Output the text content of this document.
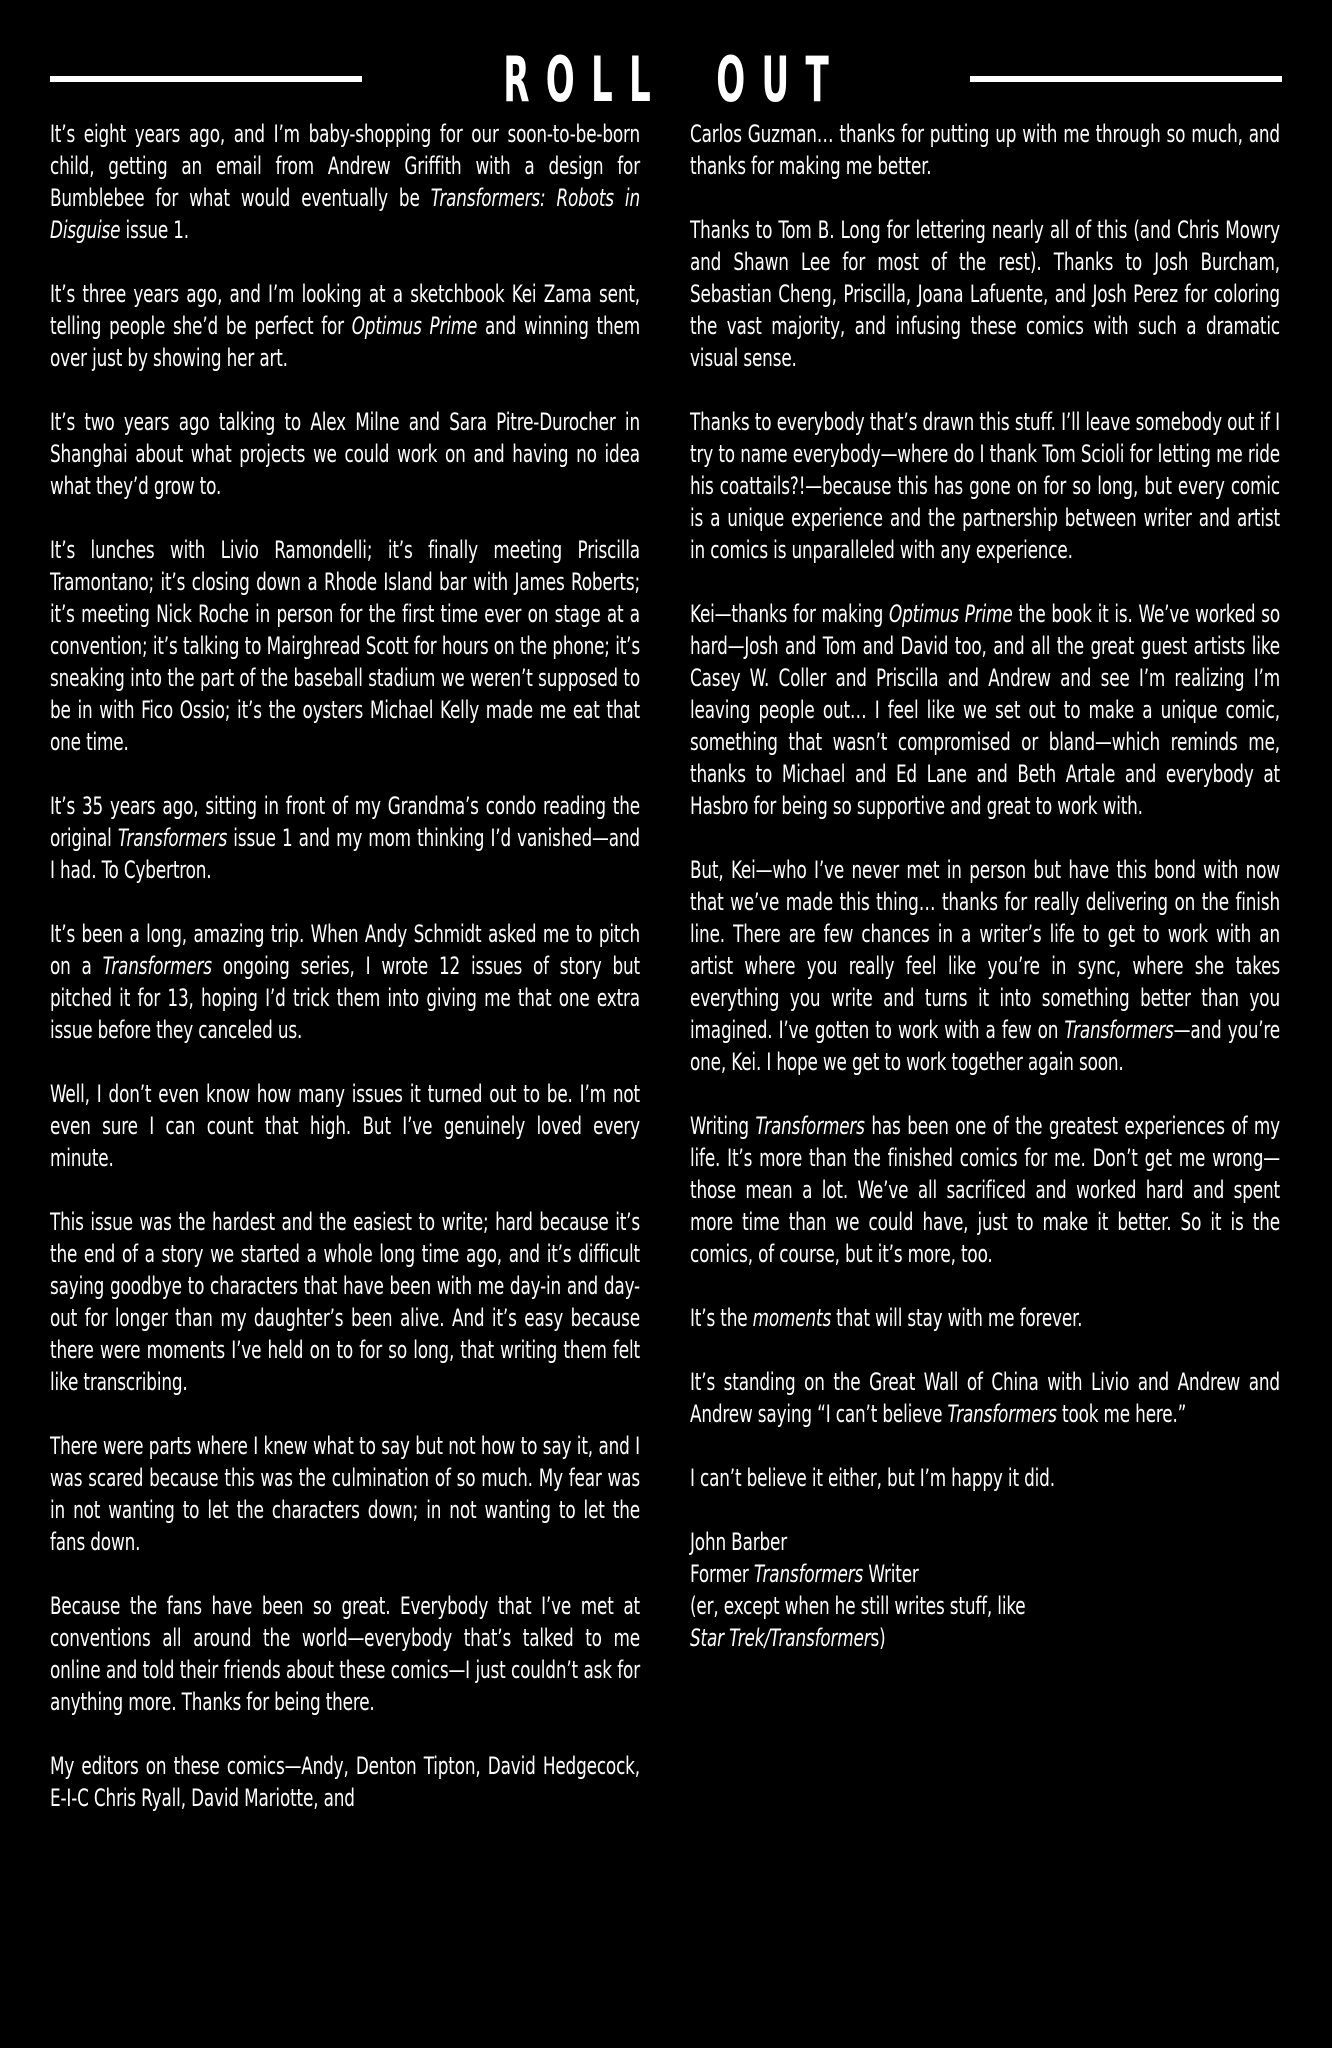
R O L L O U T

It’s eight years ago, and I’m baby-shopping for our soon-to-be-born child, getting an email from Andrew Griffith with a design for Bumblebee for what would eventually be Transformers: Robots in Disguise issue 1.

It’s three years ago, and I’m looking at a sketchbook Kei Zama sent, telling people she’d be perfect for Optimus Prime and winning them over just by showing her art.

It’s two years ago talking to Alex Milne and Sara Pitre-Durocher in Shanghai about what projects we could work on and having no idea what they’d grow to.

It’s lunches with Livio Ramondelli; it’s finally meeting Priscilla Tramontano; it’s closing down a Rhode Island bar with James Roberts; it’s meeting Nick Roche in person for the first time ever on stage at a convention; it’s talking to Mairghread Scott for hours on the phone; it’s sneaking into the part of the baseball stadium we weren’t supposed to be in with Fico Ossio; it’s the oysters Michael Kelly made me eat that one time.

It’s 35 years ago, sitting in front of my Grandma’s condo reading the original Transformers issue 1 and my mom thinking I’d vanished—and I had. To Cybertron.

It’s been a long, amazing trip. When Andy Schmidt asked me to pitch on a Transformers ongoing series, I wrote 12 issues of story but pitched it for 13, hoping I’d trick them into giving me that one extra issue before they canceled us.

Well, I don’t even know how many issues it turned out to be. I’m not even sure I can count that high. But I’ve genuinely loved every minute.

This issue was the hardest and the easiest to write; hard because it’s the end of a story we started a whole long time ago, and it’s difficult saying goodbye to characters that have been with me day-in and day-out for longer than my daughter’s been alive. And it’s easy because there were moments I’ve held on to for so long, that writing them felt like transcribing.

There were parts where I knew what to say but not how to say it, and I was scared because this was the culmination of so much. My fear was in not wanting to let the characters down; in not wanting to let the fans down.

Because the fans have been so great. Everybody that I’ve met at conventions all around the world—everybody that’s talked to me online and told their friends about these comics—I just couldn’t ask for anything more. Thanks for being there.

My editors on these comics—Andy, Denton Tipton, David Hedgecock, E-I-C Chris Ryall, David Mariotte, and

Carlos Guzman… thanks for putting up with me through so much, and thanks for making me better.

Thanks to Tom B. Long for lettering nearly all of this (and Chris Mowry and Shawn Lee for most of the rest). Thanks to Josh Burcham, Sebastian Cheng, Priscilla, Joana Lafuente, and Josh Perez for coloring the vast majority, and infusing these comics with such a dramatic visual sense.

Thanks to everybody that’s drawn this stuff. I’ll leave somebody out if I try to name everybody—where do I thank Tom Scioli for letting me ride his coattails?!—because this has gone on for so long, but every comic is a unique experience and the partnership between writer and artist in comics is unparalleled with any experience.

Kei—thanks for making Optimus Prime the book it is. We’ve worked so hard—Josh and Tom and David too, and all the great guest artists like Casey W. Coller and Priscilla and Andrew and see I’m realizing I’m leaving people out… I feel like we set out to make a unique comic, something that wasn’t compromised or bland—which reminds me, thanks to Michael and Ed Lane and Beth Artale and everybody at Hasbro for being so supportive and great to work with.

But, Kei—who I’ve never met in person but have this bond with now that we’ve made this thing… thanks for really delivering on the finish line. There are few chances in a writer’s life to get to work with an artist where you really feel like you’re in sync, where she takes everything you write and turns it into something better than you imagined. I’ve gotten to work with a few on Transformers—and you’re one, Kei. I hope we get to work together again soon.

Writing Transformers has been one of the greatest experiences of my life. It’s more than the finished comics for me. Don’t get me wrong—those mean a lot. We’ve all sacrificed and worked hard and spent more time than we could have, just to make it better. So it is the comics, of course, but it’s more, too.

It’s the moments that will stay with me forever.

It’s standing on the Great Wall of China with Livio and Andrew and Andrew saying “I can’t believe Transformers took me here.”

I can’t believe it either, but I’m happy it did.

John Barber

Former Transformers Writer

(er, except when he still writes stuff, like

Star Trek/Transformers)
